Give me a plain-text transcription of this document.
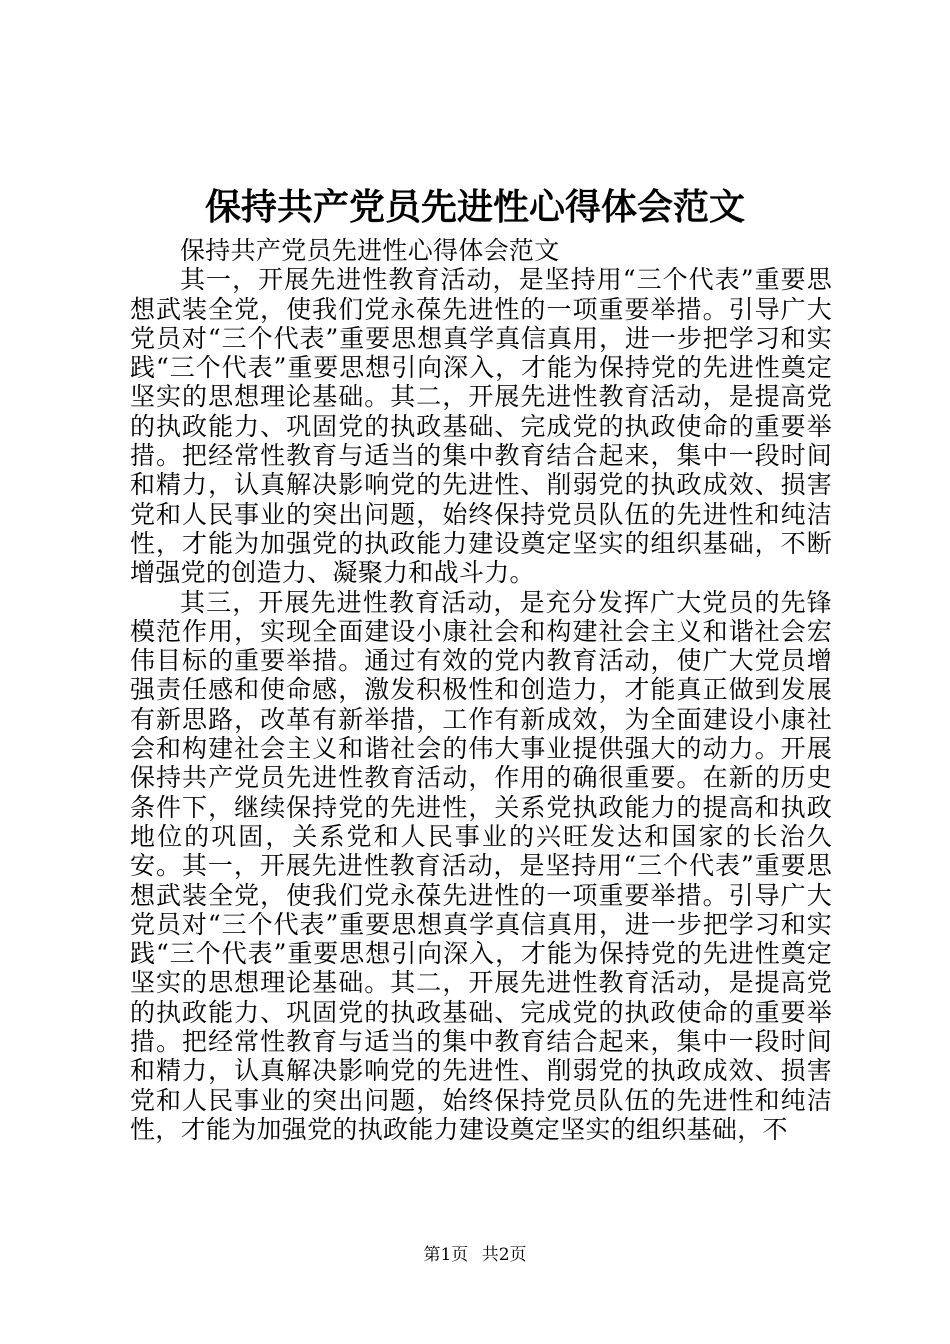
保持共产党员先进性心得体会范文

保持共产党员先进性心得体会范文

其一，开展先进性教育活动，是坚持用“三个代表”重要思想武装全党，使我们党永葆先进性的一项重要举措。引导广大党员对“三个代表”重要思想真学真信真用，进一步把学习和实践“三个代表”重要思想引向深入，才能为保持党的先进性奠定坚实的思想理论基础。其二，开展先进性教育活动，是提高党的执政能力、巩固党的执政基础、完成党的执政使命的重要举措。把经常性教育与适当的集中教育结合起来，集中一段时间和精力，认真解决影响党的先进性、削弱党的执政成效、损害党和人民事业的突出问题，始终保持党员队伍的先进性和纯洁性，才能为加强党的执政能力建设奠定坚实的组织基础，不断增强党的创造力、凝聚力和战斗力。

其三，开展先进性教育活动，是充分发挥广大党员的先锋模范作用，实现全面建设小康社会和构建社会主义和谐社会宏伟目标的重要举措。通过有效的党内教育活动，使广大党员增强责任感和使命感，激发积极性和创造力，才能真正做到发展有新思路，改革有新举措，工作有新成效，为全面建设小康社会和构建社会主义和谐社会的伟大事业提供强大的动力。开展保持共产党员先进性教育活动，作用的确很重要。在新的历史条件下，继续保持党的先进性，关系党执政能力的提高和执政地位的巩固，关系党和人民事业的兴旺发达和国家的长治久安。其一，开展先进性教育活动，是坚持用“三个代表”重要思想武装全党，使我们党永葆先进性的一项重要举措。引导广大党员对“三个代表”重要思想真学真信真用，进一步把学习和实践“三个代表”重要思想引向深入，才能为保持党的先进性奠定坚实的思想理论基础。其二，开展先进性教育活动，是提高党的执政能力、巩固党的执政基础、完成党的执政使命的重要举措。把经常性教育与适当的集中教育结合起来，集中一段时间和精力，认真解决影响党的先进性、削弱党的执政成效、损害党和人民事业的突出问题，始终保持党员队伍的先进性和纯洁性，才能为加强党的执政能力建设奠定坚实的组织基础，不

第1页 共2页
